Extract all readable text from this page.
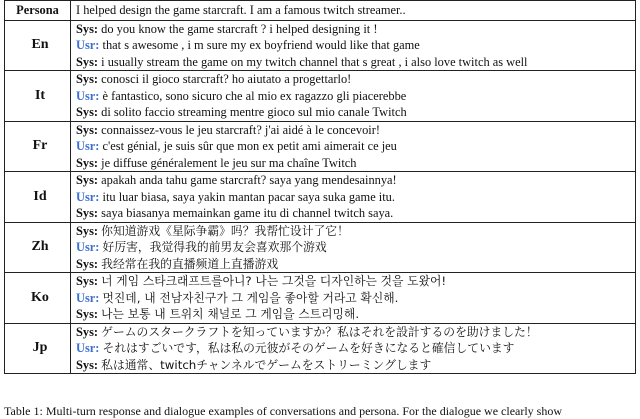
Persona	I helped design the game starcraft. I am a famous twitch streamer..
En	Sys: do you know the game starcraft ? i helped designing it !
Usr: that s awesome , i m sure my ex boyfriend would like that game
Sys: i usually stream the game on my twitch channel that s great , i also love twitch as well

It	Sys: conosci il gioco starcraft? ho aiutato a progettarlo!
Usr: è fantastico, sono sicuro che al mio ex ragazzo gli piacerebbe
Sys: di solito faccio streaming mentre gioco sul mio canale Twitch

Fr	Sys: connaissez-vous le jeu starcraft? j'ai aidé à le concevoir!
Usr: c'est génial, je suis sûr que mon ex petit ami aimerait ce jeu
Sys: je diffuse généralement le jeu sur ma chaîne Twitch

Id	Sys: apakah anda tahu game starcraft? saya yang mendesainnya!
Usr: itu luar biasa, saya yakin mantan pacar saya suka game itu.
Sys: saya biasanya memainkan game itu di channel twitch saya.

Zh	Sys: 你知道游戏《星际争霸》吗？我帮忙设计了它！
Usr: 好厉害，我觉得我的前男友会喜欢那个游戏
Sys: 我经常在我的直播频道上直播游戏

Ko	Sys: 너 게임 스타크래프트를아니? 나는 그것을 디자인하는 것을 도왔어!
Usr: 멋진데, 내 전남자친구가 그 게임을 좋아할 거라고 확신해.
Sys: 나는 보통 내 트위치 채널로 그 게임을 스트리밍해.

Jp	Sys: ゲームのスタークラフトを知っていますか？私はそれを設計するのを助けました！
Usr: それはすごいです，私は私の元彼がそのゲームを好きになると確信しています
Sys: 私は通常、twitchチャンネルでゲームをストリーミングします
Table 1: Multi-turn response and dialogue examples of conversations and persona. For the dialogue we clearly show
